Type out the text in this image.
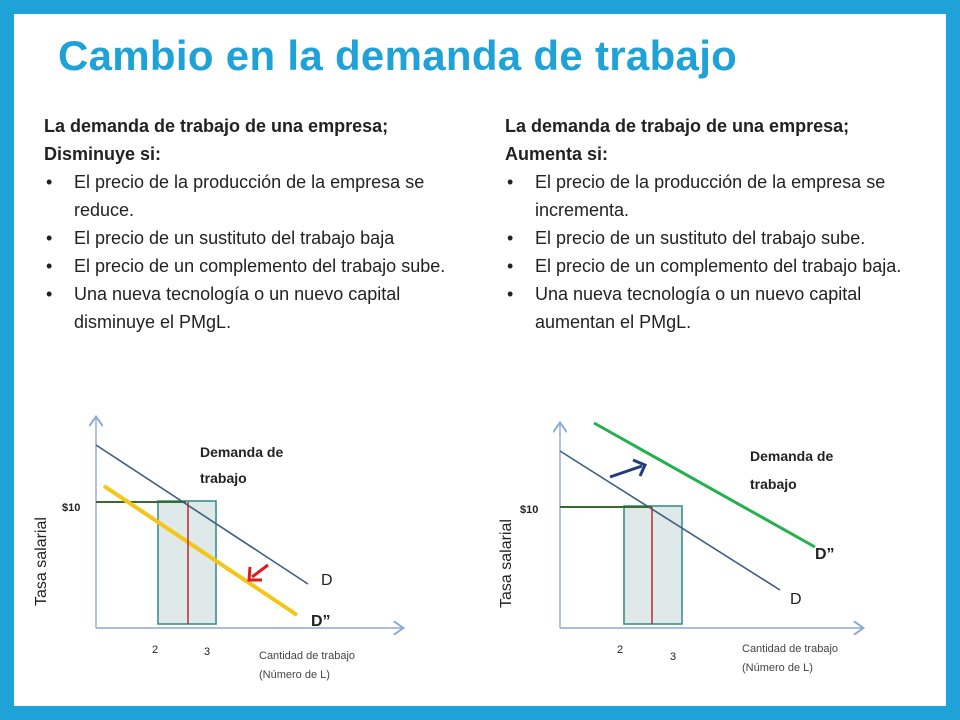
Cambio en la demanda de trabajo
La demanda de trabajo de una empresa; Disminuye si:
• El precio de la producción de la empresa se reduce.
• El precio de un sustituto del trabajo baja
• El precio de un complemento del trabajo sube.
• Una nueva tecnología o un nuevo capital disminuye el PMgL.
La demanda de trabajo de una empresa; Aumenta si:
• El precio de la producción de la empresa se incrementa.
• El precio de un sustituto del trabajo sube.
• El precio de un complemento del trabajo baja.
• Una nueva tecnología o un nuevo capital aumentan el PMgL.
Tasa salarial
$10
Demanda de
trabajo
D
D”
2	3	Cantidad de trabajo
(Número de L)
Tasa salarial
$10
Demanda de
trabajo
D”
D
2
3
Cantidad de trabajo
(Número de L)
